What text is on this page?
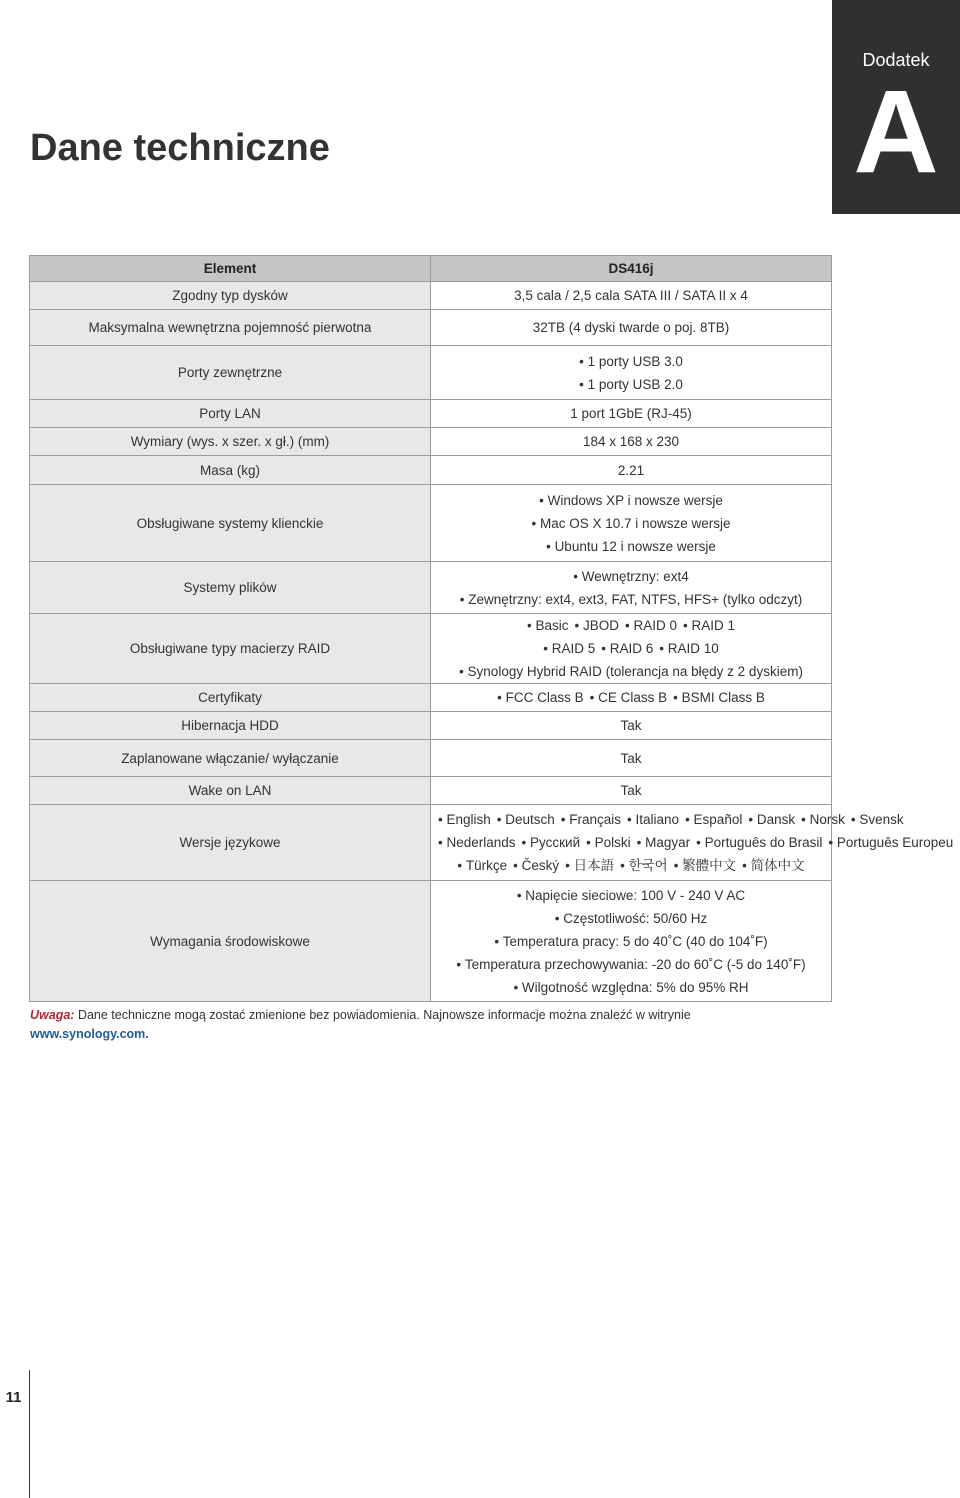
Dodatek
A
Dane techniczne
Element	DS416j
Zgodny typ dysków	3,5 cala / 2,5 cala SATA III / SATA II x 4

Maksymalna wewnętrzna pojemność pierwotna	32TB (4 dyski twarde o poj. 8TB)

Porty zewnętrzne	• 1 porty USB 3.0
• 1 porty USB 2.0

Porty LAN	1 port 1GbE (RJ-45)

Wymiary (wys. x szer. x gł.) (mm)	184 x 168 x 230

Masa (kg)	2.21

Obsługiwane systemy klienckie	• Windows XP i nowsze wersje
• Mac OS X 10.7 i nowsze wersje
• Ubuntu 12 i nowsze wersje

Systemy plików	• Wewnętrzny: ext4
• Zewnętrzny: ext4, ext3, FAT, NTFS, HFS+ (tylko odczyt)

Obsługiwane typy macierzy RAID	• Basic • JBOD • RAID 0 • RAID 1
• RAID 5 • RAID 6 • RAID 10
• Synology Hybrid RAID (tolerancja na błędy z 2 dyskiem)

Certyfikaty	• FCC Class B • CE Class B • BSMI Class B

Hibernacja HDD	Tak

Zaplanowane włączanie/ wyłączanie	Tak

Wake on LAN	Tak

Wersje językowe	• English • Deutsch • Français • Italiano • Español • Dansk • Norsk • Svensk
• Nederlands • Русский • Polski • Magyar • Português do Brasil • Português Europeu
• Türkçe • Český • 日本語 • 한국어 • 繁體中文 • 简体中文

Wymagania środowiskowe	• Napięcie sieciowe: 100 V - 240 V AC
• Częstotliwość: 50/60 Hz
• Temperatura pracy: 5 do 40˚C (40 do 104˚F)
• Temperatura przechowywania: -20 do 60˚C (-5 do 140˚F)
• Wilgotność względna: 5% do 95% RH
Uwaga: Dane techniczne mogą zostać zmienione bez powiadomienia. Najnowsze informacje można znaleźć w witrynie
www.synology.com.
11
